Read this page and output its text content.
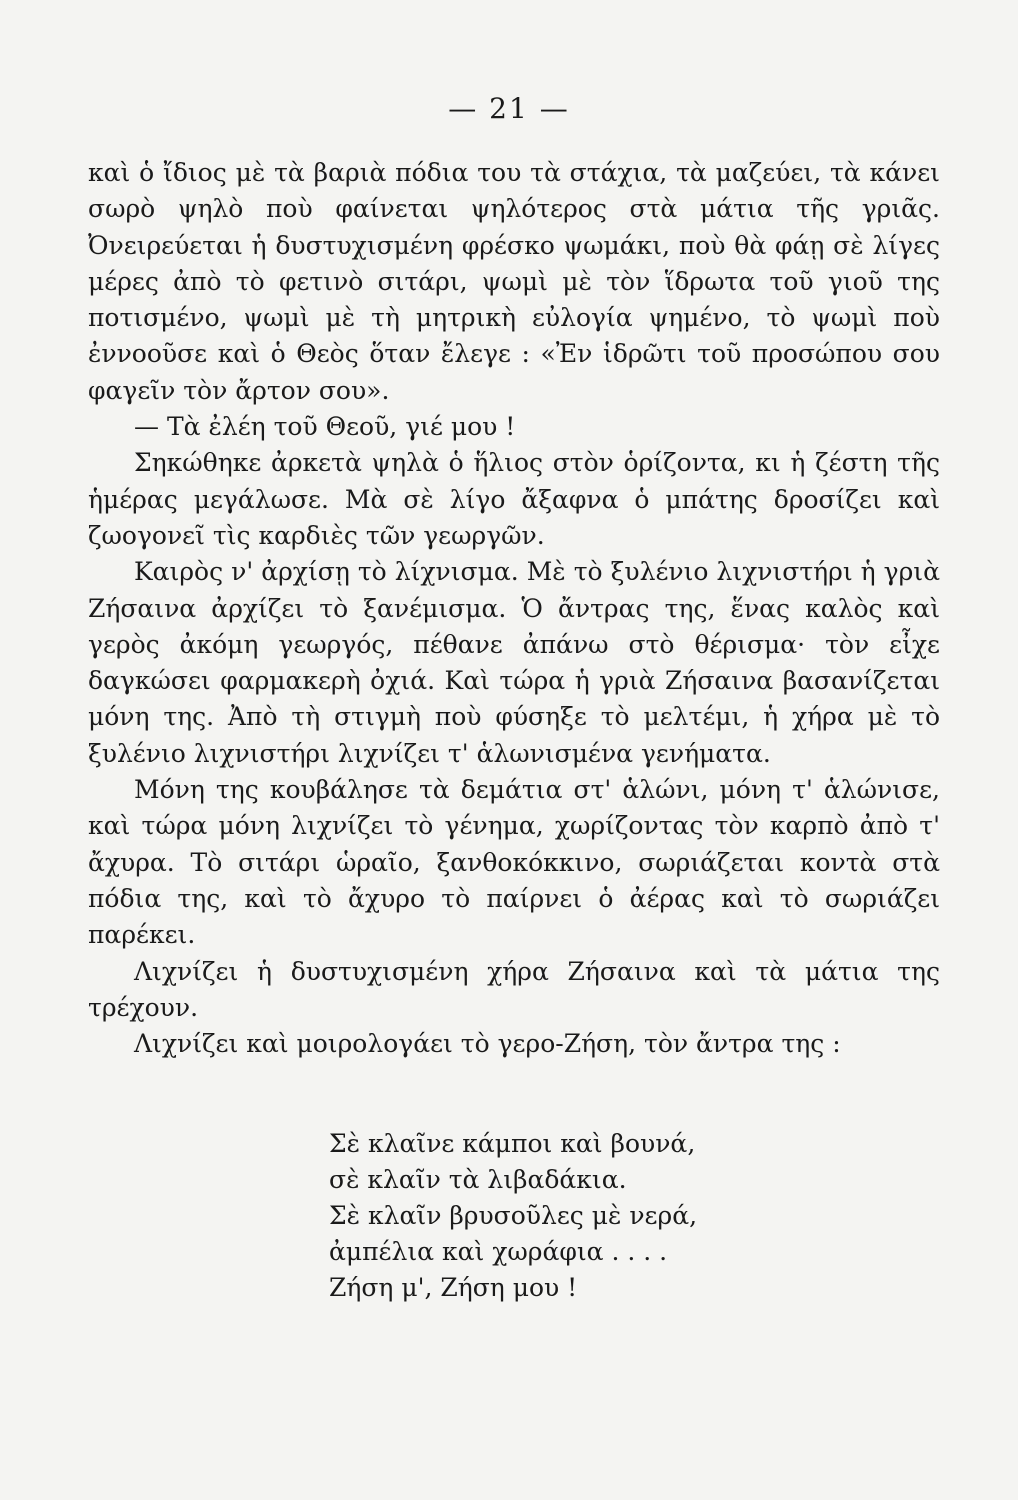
— 21 —

καὶ ὁ ἴδιος μὲ τὰ βαριὰ πόδια του τὰ στάχια, τὰ μαζεύει, τὰ κάνει σωρὸ ψηλὸ ποὺ φαίνεται ψηλότερος στὰ μάτια τῆς γριᾶς. Ὀνειρεύεται ἡ δυστυχισμένη φρέσκο ψωμάκι, ποὺ θὰ φάῃ σὲ λίγες μέρες ἀπὸ τὸ φετινὸ σιτάρι, ψωμὶ μὲ τὸν ἵδρωτα τοῦ γιοῦ της ποτισμένο, ψωμὶ μὲ τὴ μητρικὴ εὐλογία ψημένο, τὸ ψωμὶ ποὺ ἐννοοῦσε καὶ ὁ Θεὸς ὅταν ἔλεγε : «Ἐν ἱδρῶτι τοῦ προσώπου σου φαγεῖν τὸν ἄρτον σου».

— Τὰ ἐλέη τοῦ Θεοῦ, γιέ μου !

Σηκώθηκε ἀρκετὰ ψηλὰ ὁ ἥλιος στὸν ὁρίζοντα, κι ἡ ζέστη τῆς ἡμέρας μεγάλωσε. Μὰ σὲ λίγο ἄξαφνα ὁ μπάτης δροσίζει καὶ ζωογονεῖ τὶς καρδιὲς τῶν γεωργῶν.

Καιρὸς ν' ἀρχίσῃ τὸ λίχνισμα. Μὲ τὸ ξυλένιο λιχνιστήρι ἡ γριὰ Ζήσαινα ἀρχίζει τὸ ξανέμισμα. Ὁ ἄντρας της, ἕνας καλὸς καὶ γερὸς ἀκόμη γεωργός, πέθανε ἀπάνω στὸ θέρισμα· τὸν εἶχε δαγκώσει φαρμακερὴ ὀχιά. Καὶ τώρα ἡ γριὰ Ζήσαινα βασανίζεται μόνη της. Ἀπὸ τὴ στιγμὴ ποὺ φύσηξε τὸ μελτέμι, ἡ χήρα μὲ τὸ ξυλένιο λιχνιστήρι λιχνίζει τ' ἁλωνισμένα γενήματα.

Μόνη της κουβάλησε τὰ δεμάτια στ' ἁλώνι, μόνη τ' ἁλώνισε, καὶ τώρα μόνη λιχνίζει τὸ γένημα, χωρίζοντας τὸν καρπὸ ἀπὸ τ' ἄχυρα. Τὸ σιτάρι ὡραῖο, ξανθοκόκκινο, σωριάζεται κοντὰ στὰ πόδια της, καὶ τὸ ἄχυρο τὸ παίρνει ὁ ἀέρας καὶ τὸ σωριάζει παρέκει.

Λιχνίζει ἡ δυστυχισμένη χήρα Ζήσαινα καὶ τὰ μάτια της τρέχουν.

Λιχνίζει καὶ μοιρολογάει τὸ γερο-Ζήση, τὸν ἄντρα της :

Σὲ κλαῖνε κάμποι καὶ βουνά,
σὲ κλαῖν τὰ λιβαδάκια.
Σὲ κλαῖν βρυσοῦλες μὲ νερά,
ἀμπέλια καὶ χωράφια . . . .
Ζήση μ', Ζήση μου !
